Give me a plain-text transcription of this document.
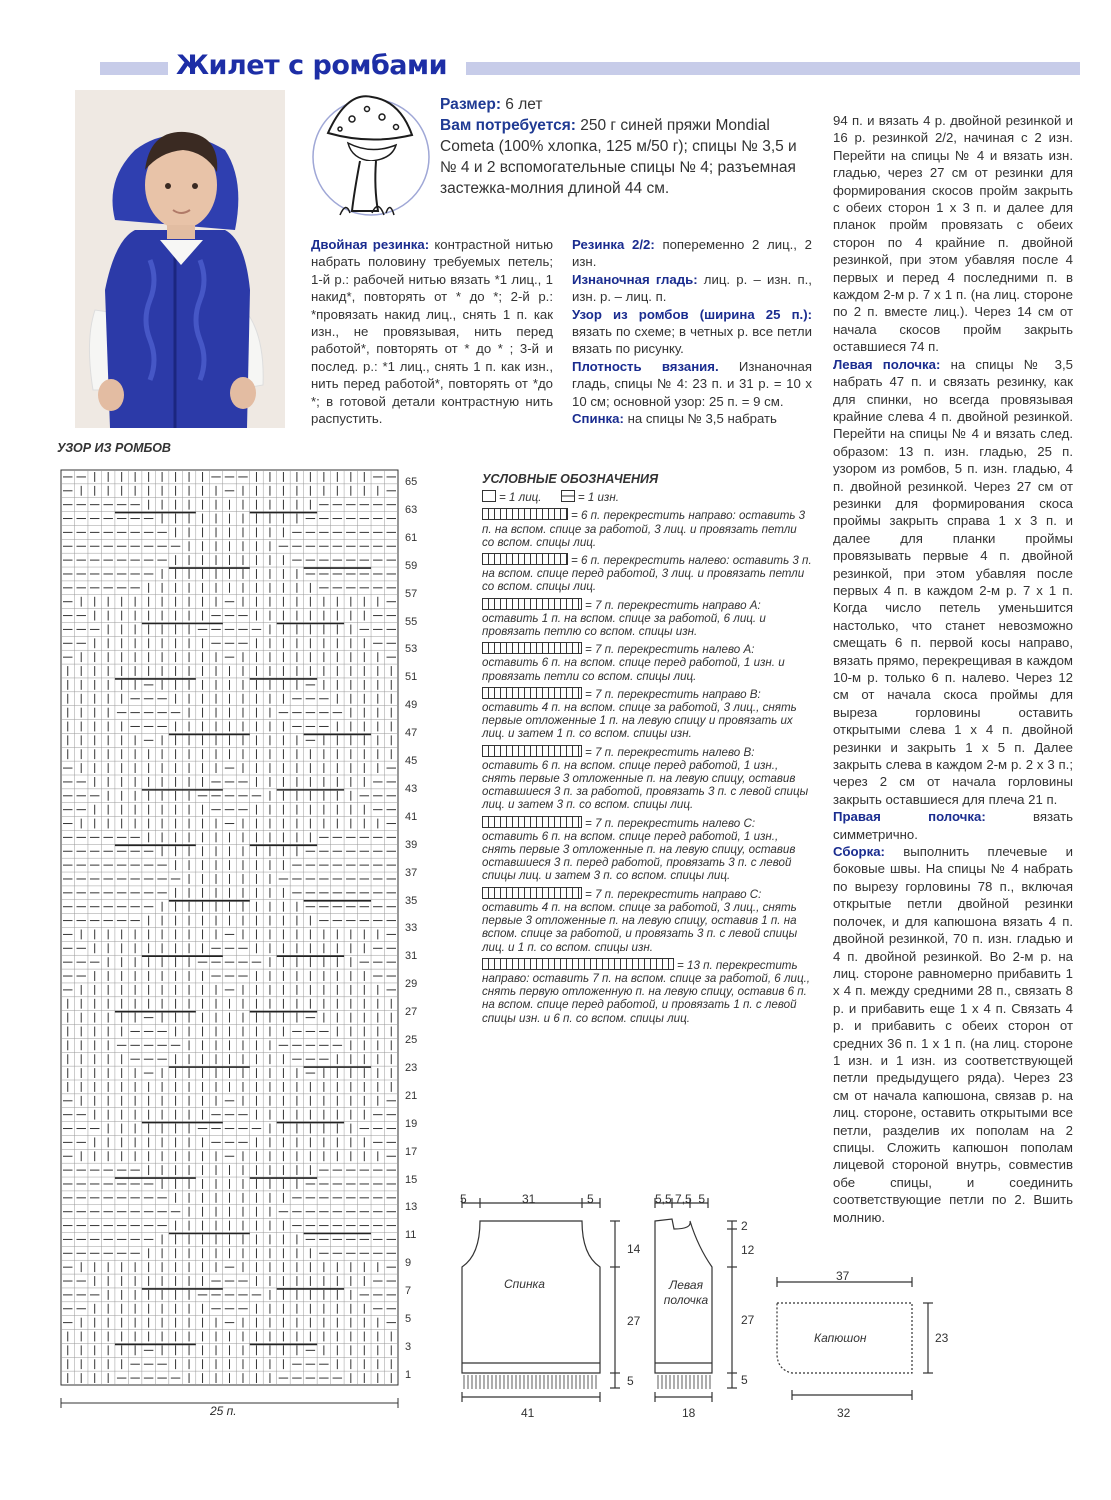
Жилет с ромбами
Размер: 6 лет
Вам потребуется: 250 г синей пряжи Mondial Cometa (100% хлопка, 125 м/50 г); спицы № 3,5 и № 4 и 2 вспомогательные спицы № 4; разъемная застежка-молния длиной 44 см.

Двойная резинка: контрастной нитью набрать половину требуемых петель; 1-й р.: рабочей нитью вязать *1 лиц., 1 накид*, повторять от * до *; 2-й р.: *провязать накид лиц., снять 1 п. как изн., не провязывая, нить перед работой*, повторять от * до * ; 3-й и послед. р.: *1 лиц., снять 1 п. как изн., нить перед работой*, повторять от *до *; в готовой детали контрастную нить распустить.

Резинка 2/2: попеременно 2 лиц., 2 изн.

Изнаночная гладь: лиц. р. – изн. п., изн. р. – лиц. п.

Узор из ромбов (ширина 25 п.): вязать по схеме; в четных р. все петли вязать по рисунку.

Плотность вязания. Изнаночная гладь, спицы № 4: 23 п. и 31 р. = 10 х 10 см; основной узор: 25 п. = 9 см.

Спинка: на спицы № 3,5 набрать

94 п. и вязать 4 р. двойной резинкой и 16 р. резинкой 2/2, начиная с 2 изн. Перейти на спицы № 4 и вязать изн. гладью, через 27 см от резинки для формирования скосов пройм закрыть с обеих сторон 1 х 3 п. и далее для планок пройм провязать с обеих сторон по 4 крайние п. двойной резинкой, при этом убавляя после 4 первых и перед 4 последними п. в каждом 2-м р. 7 х 1 п. (на лиц. стороне по 2 п. вместе лиц.). Через 14 см от начала скосов пройм закрыть оставшиеся 74 п.

Левая полочка: на спицы № 3,5 набрать 47 п. и связать резинку, как для спинки, но всегда провязывая крайние слева 4 п. двойной резинкой. Перейти на спицы № 4 и вязать след. образом: 13 п. изн. гладью, 25 п. узором из ромбов, 5 п. изн. гладью, 4 п. двойной резинкой. Через 27 см от резинки для формирования скоса проймы закрыть справа 1 х 3 п. и далее для планки проймы провязывать первые 4 п. двойной резинкой, при этом убавляя после первых 4 п. в каждом 2-м р. 7 х 1 п. Когда число петель уменьшится настолько, что станет невозможно смещать 6 п. первой косы направо, вязать прямо, перекрещивая в каждом 10-м р. только 6 п. налево. Через 12 см от начала скоса проймы для выреза горловины оставить открытыми слева 1 х 4 п. двойной резинки и закрыть 1 х 5 п. Далее закрыть слева в каждом 2-м р. 2 х 3 п.; через 2 см от начала горловины закрыть оставшиеся для плеча 21 п.

Правая полочка:	вязать симметрично.

Сборка: выполнить плечевые и боковые швы. На спицы № 4 набрать по вырезу горловины 78 п., включая открытые петли двойной резинки полочек, и для капюшона вязать 4 п. двойной резинкой, 70 п. изн. гладью и 4 п. двойной резинкой. Во 2-м р. на лиц. стороне равномерно прибавить 1 х 4 п. между средними 28 п., связать 8 р. и прибавить еще 1 х 4 п. Связать 4 р. и прибавить с обеих сторон от средних 36 п. 1 х 1 п. (на лиц. стороне 1 изн. и 1 изн. из соответствующей петли предыдущего ряда). Через 23 см от начала капюшона, связав р. на лиц. стороне, оставить открытыми все петли, разделив их пополам на 2 спицы. Сложить капюшон пополам лицевой стороной внутрь, совместив обе спицы, и соединить соответствующие петли по 2. Вшить молнию.

УЗОР ИЗ РОМБОВ
65
63
61
59
57
55
53
51
49
47
45
43
41
39
37
35
33
31
29
27
25
23
21
19
17
15
13
11
9
7
5
3
1
25 п.
УСЛОВНЫЕ ОБОЗНАЧЕНИЯ
= 1 лиц.	= 1 изн.
= 6 п. перекрестить направо: оставить 3 п. на вспом. спице за работой, 3 лиц. и провязать петли со вспом. спицы лиц.
= 6 п. перекрестить налево: оставить 3 п. на вспом. спице перед работой, 3 лиц. и провязать петли со вспом. спицы лиц.
= 7 п. перекрестить направо A: оставить 1 п. на вспом. спице за работой, 6 лиц. и провязать петлю со вспом. спицы изн.
= 7 п. перекрестить налево A: оставить 6 п. на вспом. спице перед работой, 1 изн. и провязать петли со вспом. спицы лиц.
= 7 п. перекрестить направо B: оставить 4 п. на вспом. спице за работой, 3 лиц., снять первые отложенные 1 п. на левую спицу и провязать их лиц. и затем 1 п. со вспом. спицы изн.
= 7 п. перекрестить налево B: оставить 6 п. на вспом. спице перед работой, 1 изн., снять первые 3 отложенные п. на левую спицу, оставив оставшиеся 3 п. за работой, провязать 3 п. с левой спицы лиц. и затем 3 п. со вспом. спицы лиц.
= 7 п. перекрестить налево C: оставить 6 п. на вспом. спице перед работой, 1 изн., снять первые 3 отложенные п. на левую спицу, оставив оставшиеся 3 п. перед работой, провязать 3 п. с левой спицы лиц. и затем 3 п. со вспом. спицы лиц.
= 7 п. перекрестить направо C: оставить 4 п. на вспом. спице за работой, 3 лиц., снять первые 3 отложенные п. на левую спицу, оставив 1 п. на вспом. спице за работой, и провязать 3 п. с левой спицы лиц. и 1 п. со вспом. спицы изн.
= 13 п. перекрестить направо: оставить 7 п. на вспом. спице за работой, 6 лиц., снять первую отложенную п. на левую спицу, оставив 6 п. на вспом. спице перед работой, и провязать 1 п. с левой спицы изн. и 6 п. со вспом. спицы лиц.
5	31	5
Спинка
14
27
5
41
5,5 7,5  5
Левая полочка
2
12
27
5
18
37
Капюшон	23
32
